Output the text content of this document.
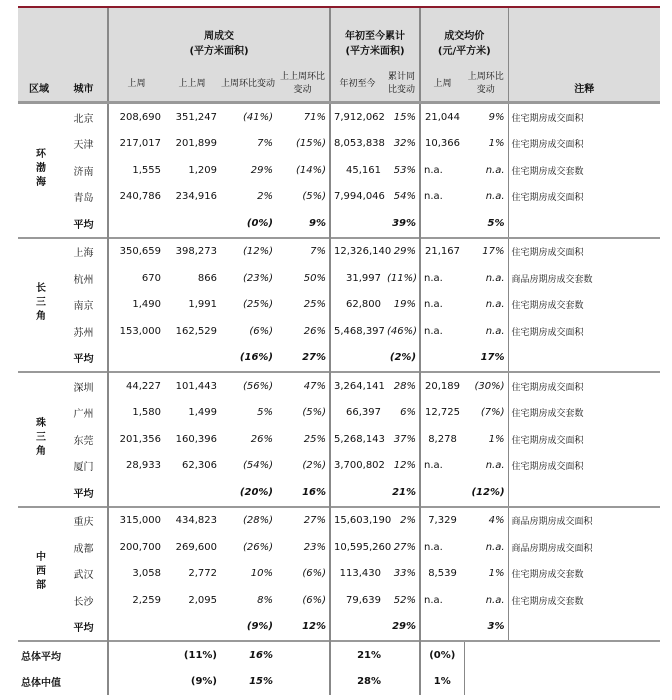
区域	城市	周成交
(平方米面积)				年初至今累计
(平方米面积)		成交均价
(元/平方米)		注释
		上周	上上周	上周环比变动	上上周环比变动	年初至今	累计同比变动	上周	上周环比变动	
环渤海	北京	208,690	351,247	(41%)	71%	7,912,062	15%	21,044	9%	住宅期房成交面积
	天津	217,017	201,899	7%	(15%)	8,053,838	32%	10,366	1%	住宅期房成交面积
	济南	1,555	1,209	29%	(14%)	45,161	53%	n.a.	n.a.	住宅期房成交套数
	青岛	240,786	234,916	2%	(5%)	7,994,046	54%	n.a.	n.a.	住宅期房成交面积
	平均			(0%)	9%		39%		5%	
长三角	上海	350,659	398,273	(12%)	7%	12,326,140	29%	21,167	17%	住宅期房成交面积
	杭州	670	866	(23%)	50%	31,997	(11%)	n.a.	n.a.	商品房期房成交套数
	南京	1,490	1,991	(25%)	25%	62,800	19%	n.a.	n.a.	住宅期房成交套数
	苏州	153,000	162,529	(6%)	26%	5,468,397	(46%)	n.a.	n.a.	住宅期房成交面积
	平均			(16%)	27%		(2%)		17%	
珠三角	深圳	44,227	101,443	(56%)	47%	3,264,141	28%	20,189	(30%)	住宅期房成交面积
	广州	1,580	1,499	5%	(5%)	66,397	6%	12,725	(7%)	住宅期房成交套数
	东莞	201,356	160,396	26%	25%	5,268,143	37%	8,278	1%	住宅期房成交面积
	厦门	28,933	62,306	(54%)	(2%)	3,700,802	12%	n.a.	n.a.	住宅期房成交面积
	平均			(20%)	16%		21%		(12%)	
中西部	重庆	315,000	434,823	(28%)	27%	15,603,190	2%	7,329	4%	商品房期房成交面积
	成都	200,700	269,600	(26%)	23%	10,595,260	27%	n.a.	n.a.	商品房期房成交面积
	武汉	3,058	2,772	10%	(6%)	113,430	33%	8,539	1%	住宅期房成交套数
	长沙	2,259	2,095	8%	(6%)	79,639	52%	n.a.	n.a.	住宅期房成交套数
	平均			(9%)	12%		29%		3%	
总体平均			(11%)	16%		21%		(0%)		
总体中值			(9%)	15%		28%		1%		
